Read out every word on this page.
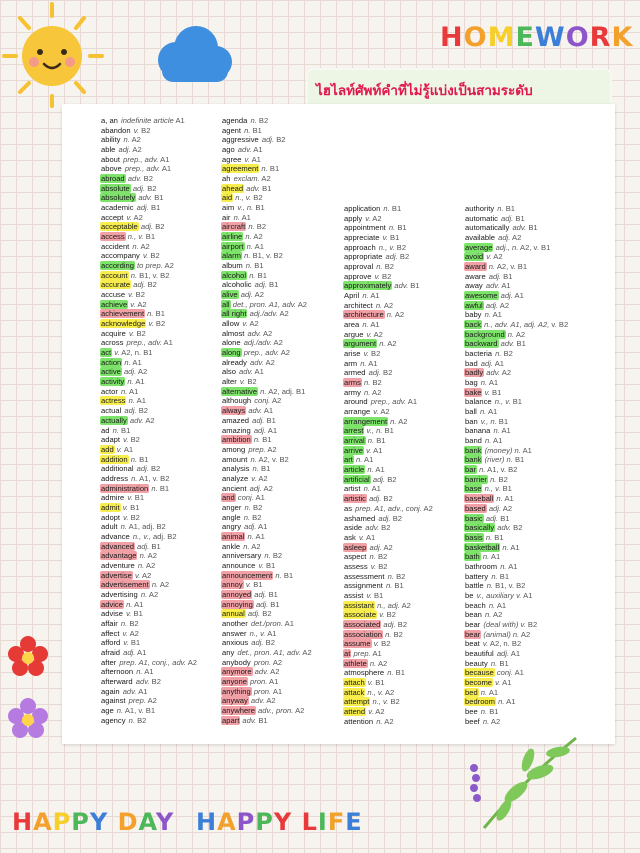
HOMEWORK
ไฮไลท์ศัพท์คำที่ไม่รู้แบ่งเป็นสามระดับ
a, an indefinite article A1
abandon v. B2
ability n. A2
able adj. A2
about prep., adv. A1
above prep., adv. A1
abroad adv. B2
absolute adj. B2
absolutely adv. B1
academic adj. B1
accept v. A2
acceptable adj. B2
access n., v. B1
accident n. A2
accompany v. B2
according to prep. A2
account n. B1, v. B2
accurate adj. B2
accuse v. B2
achieve v. A2
achievement n. B1
acknowledge v. B2
acquire v. B2
across prep., adv. A1
act v. A2, n. B1
action n. A1
active adj. A2
activity n. A1
actor n. A1
actress n. A1
actual adj. B2
actually adv. A2
ad n. B1
adapt v. B2
add v. A1
addition n. B1
additional adj. B2
address n. A1, v. B2
administration n. B1
admire v. B1
admit v. B1
adopt v. B2
adult n. A1, adj. B2
advance n., v., adj. B2
advanced adj. B1
advantage n. A2
adventure n. A2
advertise v. A2
advertisement n. A2
advertising n. A2
advice n. A1
advise v. B1
affair n. B2
affect v. A2
afford v. B1
afraid adj. A1
after prep. A1, conj., adv. A2
afternoon n. A1
afterward adv. B2
again adv. A1
against prep. A2
age n. A1, v. B1
agency n. B2
agenda n. B2
agent n. B1
aggressive adj. B2
ago adv. A1
agree v. A1
agreement n. B1
ah exclam. A2
ahead adv. B1
aid n., v. B2
aim v., n. B1
air n. A1
aircraft n. B2
airline n. A2
airport n. A1
alarm n. B1, v. B2
album n. B1
alcohol n. B1
alcoholic adj. B1
alive adj. A2
all det., pron. A1, adv. A2
all right adj./adv. A2
allow v. A2
almost adv. A2
alone adj./adv. A2
along prep., adv. A2
already adv. A2
also adv. A1
alter v. B2
alternative n. A2, adj. B1
although conj. A2
always adv. A1
amazed adj. B1
amazing adj. A1
ambition n. B1
among prep. A2
amount n. A2, v. B2
analysis n. B1
analyze v. A2
ancient adj. A2
and conj. A1
anger n. B2
angle n. B2
angry adj. A1
animal n. A1
ankle n. A2
anniversary n. B2
announce v. B1
announcement n. B1
annoy v. B1
annoyed adj. B1
annoying adj. B1
annual adj. B2
another det./pron. A1
answer n., v. A1
anxious adj. B2
any det., pron. A1, adv. A2
anybody pron. A2
anymore adv. A2
anyone pron. A1
anything pron. A1
anyway adv. A2
anywhere adv., pron. A2
apart adv. B1
application n. B1
apply v. A2
appointment n. B1
appreciate v. B1
approach n., v. B2
appropriate adj. B2
approval n. B2
approve v. B2
approximately adv. B1
April n. A1
architect n. A2
architecture n. A2
area n. A1
argue v. A2
argument n. A2
arise v. B2
arm n. A1
armed adj. B2
arms n. B2
army n. A2
around prep., adv. A1
arrange v. A2
arrangement n. A2
arrest v., n. B1
arrival n. B1
arrive v. A1
art n. A1
article n. A1
artificial adj. B2
artist n. A1
artistic adj. B2
as prep. A1, adv., conj. A2
ashamed adj. B2
aside adv. B2
ask v. A1
asleep adj. A2
aspect n. B2
assess v. B2
assessment n. B2
assignment n. B1
assist v. B1
assistant n., adj. A2
associate v. B2
associated adj. B2
association n. B2
assume v. B2
at prep. A1
athlete n. A2
atmosphere n. B1
attach v. B1
attack n., v. A2
attempt n., v. B2
attend v. A2
attention n. A2
authority n. B1
automatic adj. B1
automatically adv. B1
available adj. A2
average adj., n. A2, v. B1
avoid v. A2
award n. A2, v. B1
aware adj. B1
away adv. A1
awesome adj. A1
awful adj. A2
baby n. A1
back n., adv. A1, adj. A2, v. B2
background n. A2
backward adv. B1
bacteria n. B2
bad adj. A1
badly adv. A2
bag n. A1
bake v. B1
balance n., v. B1
ball n. A1
ban v., n. B1
banana n. A1
band n. A1
bank (money) n. A1
bank (river) n. B1
bar n. A1, v. B2
barrier n. B2
base n., v. B1
baseball n. A1
based adj. A2
basic adj. B1
basically adv. B2
basis n. B1
basketball n. A1
bath n. A1
bathroom n. A1
battery n. B1
battle n. B1, v. B2
be v., auxiliary v. A1
beach n. A1
bean n. A2
bear (deal with) v. B2
bear (animal) n. A2
beat v. A2, n. B2
beautiful adj. A1
beauty n. B1
because conj. A1
become v. A1
bed n. A1
bedroom n. A1
bee n. B1
beef n. A2
HAPPY DAY HAPPY LIFE
